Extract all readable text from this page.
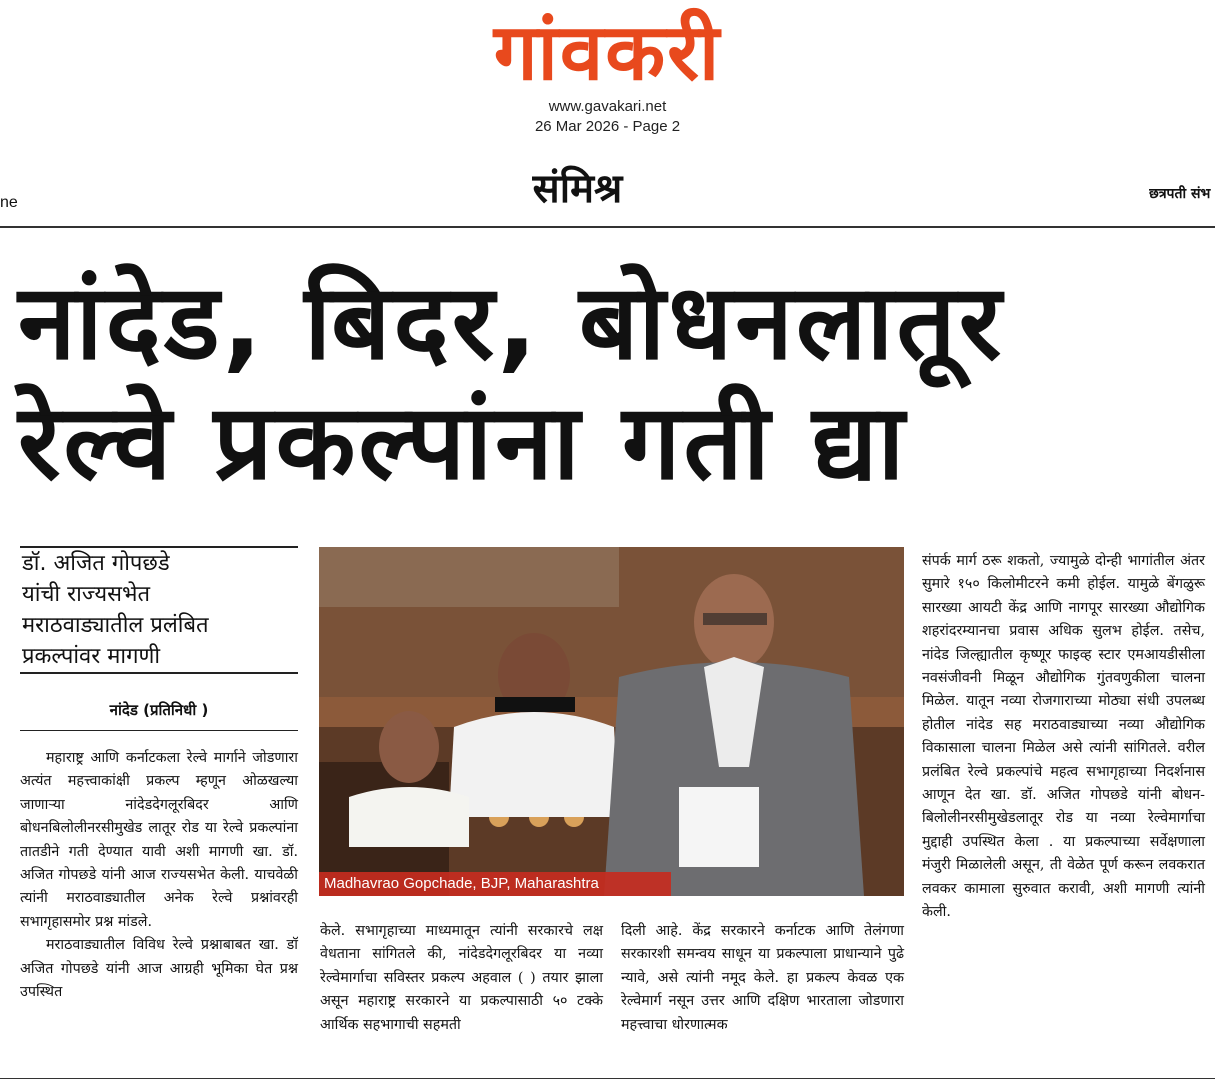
गांवकरी
www.gavakari.net
26 Mar 2026 - Page 2
ne	संमिश्र	छत्रपती संभ
नांदेड, बिदर, बोधनलातूर
रेल्वे प्रकल्पांना गती द्या
डॉ. अजित गोपछडे
यांची राज्यसभेत
मराठवाड्यातील प्रलंबित
प्रकल्पांवर मागणी
नांदेड (प्रतिनिधी )

महाराष्ट्र आणि कर्नाटकला रेल्वे मार्गाने जोडणारा अत्यंत महत्त्वाकांक्षी प्रकल्प म्हणून ओळखल्या जाणाऱ्या नांदेडदेगलूरबिदर आणि बोधनबिलोलीनरसीमुखेड लातूर रोड या रेल्वे प्रकल्पांना तातडीने गती देण्यात यावी अशी मागणी खा. डॉ. अजित गोपछडे यांनी आज राज्यसभेत केली. याचवेळी त्यांनी मराठवाड्यातील अनेक रेल्वे प्रश्नांवरही सभागृहासमोर प्रश्न मांडले.

मराठवाड्यातील विविध रेल्वे प्रश्नाबाबत खा. डॉ अजित गोपछडे यांनी आज आग्रही भूमिका घेत प्रश्न उपस्थित

Madhavrao Gopchade, BJP, Maharashtra

केले. सभागृहाच्या माध्यमातून त्यांनी सरकारचे लक्ष वेधताना सांगितले की, नांदेडदेगलूरबिदर या नव्या रेल्वेमार्गाचा सविस्तर प्रकल्प अहवाल ( ) तयार झाला असून महाराष्ट्र सरकारने या प्रकल्पासाठी ५० टक्के आर्थिक सहभागाची सहमती

दिली आहे. केंद्र सरकारने कर्नाटक आणि तेलंगणा सरकारशी समन्वय साधून या प्रकल्पाला प्राधान्याने पुढे न्यावे, असे त्यांनी नमूद केले. हा प्रकल्प केवळ एक रेल्वेमार्ग नसून उत्तर आणि दक्षिण भारताला जोडणारा महत्त्वाचा धोरणात्मक

संपर्क मार्ग ठरू शकतो, ज्यामुळे दोन्ही भागांतील अंतर सुमारे १५० किलोमीटरने कमी होईल. यामुळे बेंगळुरू सारख्या आयटी केंद्र आणि नागपूर सारख्या औद्योगिक शहरांदरम्यानचा प्रवास अधिक सुलभ होईल. तसेच, नांदेड जिल्ह्यातील कृष्णूर फाइव्ह स्टार एमआयडीसीला नवसंजीवनी मिळून औद्योगिक गुंतवणुकीला चालना मिळेल. यातून नव्या रोजगाराच्या मोठ्या संधी उपलब्ध होतील नांदेड सह मराठवाड्याच्या नव्या औद्योगिक विकासाला चालना मिळेल असे त्यांनी सांगितले. वरील प्रलंबित रेल्वे प्रकल्पांचे महत्व सभागृहाच्या निदर्शनास आणून देत खा. डॉ. अजित गोपछडे यांनी बोधन-बिलोलीनरसीमुखेडलातूर रोड या नव्या रेल्वेमार्गाचा मुद्दाही उपस्थित केला . या प्रकल्पाच्या सर्वेक्षणाला मंजुरी मिळालेली असून, ती वेळेत पूर्ण करून लवकरात लवकर कामाला सुरुवात करावी, अशी मागणी त्यांनी केली.
